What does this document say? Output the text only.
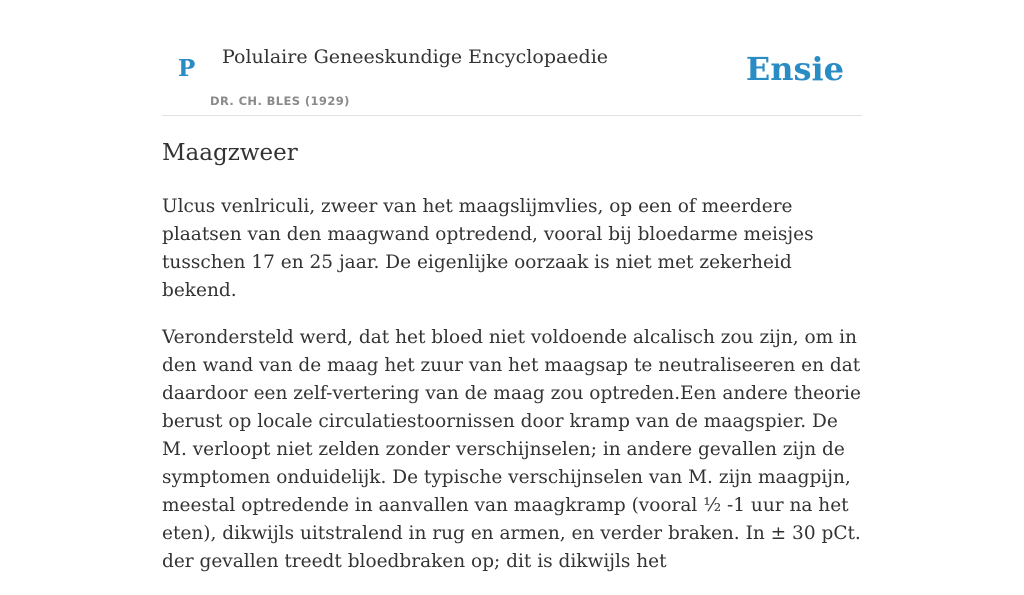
P Polulaire Geneeskundige Encyclopaedie
DR. CH. BLES (1929)
Ensie
Maagzweer

Ulcus venlriculi, zweer van het maagslijmvlies, op een of meerdere plaatsen van den maagwand optredend, vooral bij bloedarme meisjes tusschen 17 en 25 jaar. De eigenlijke oorzaak is niet met zekerheid bekend.

Verondersteld werd, dat het bloed niet voldoende alcalisch zou zijn, om in den wand van de maag het zuur van het maagsap te neutraliseeren en dat daardoor een zelf-vertering van de maag zou optreden.Een andere theorie berust op locale circulatiestoornissen door kramp van de maagspier. De M. verloopt niet zelden zonder verschijnselen; in andere gevallen zijn de symptomen onduidelijk. De typische verschijnselen van M. zijn maagpijn, meestal optredende in aanvallen van maagkramp (vooral ½ -1 uur na het eten), dikwijls uitstralend in rug en armen, en verder braken. In ± 30 pCt. der gevallen treedt bloedbraken op; dit is dikwijls het
